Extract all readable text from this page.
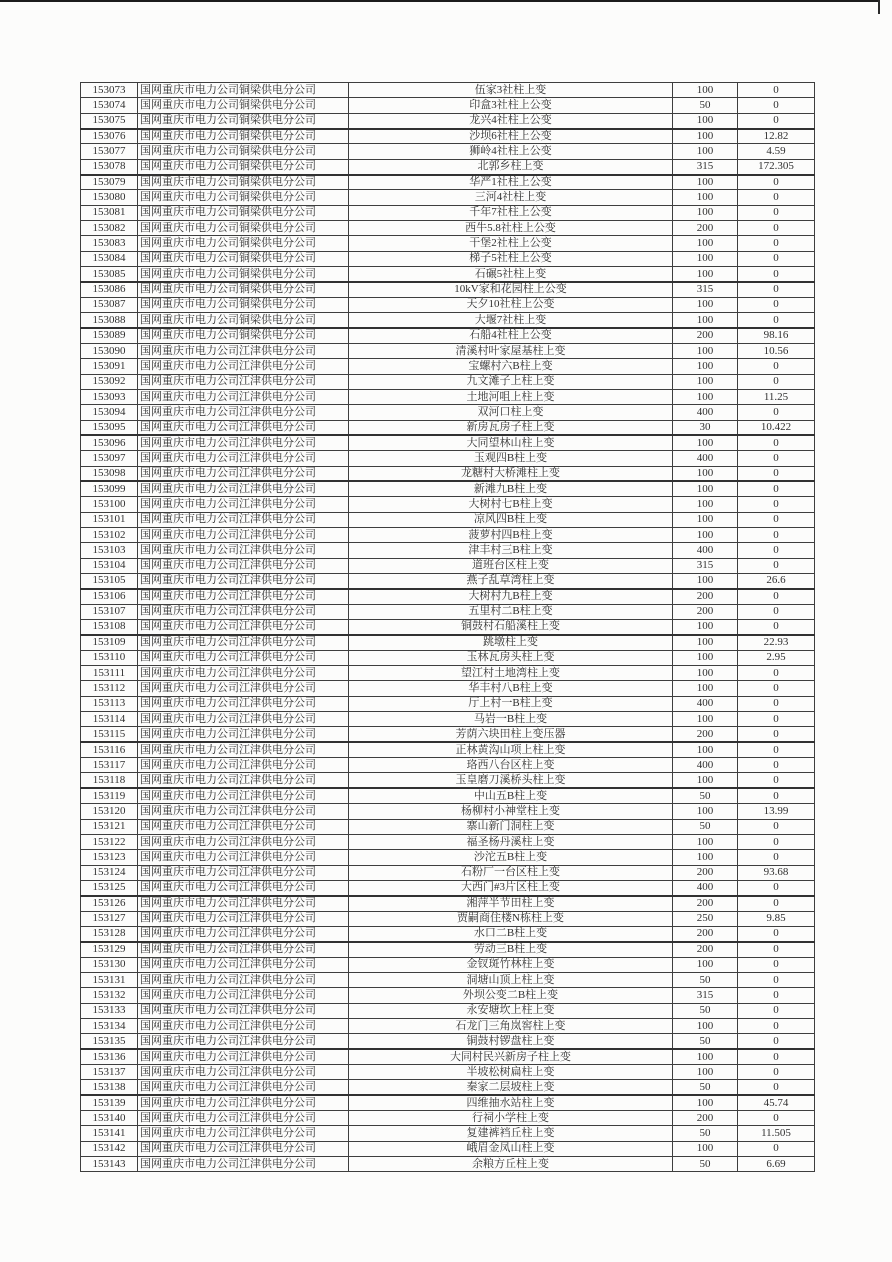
153073	国网重庆市电力公司铜梁供电分公司	伍家3社柱上变	100	0
153074	国网重庆市电力公司铜梁供电分公司	印盒3社柱上公变	50	0
153075	国网重庆市电力公司铜梁供电分公司	龙兴4社柱上公变	100	0
153076	国网重庆市电力公司铜梁供电分公司	沙坝6社柱上公变	100	12.82
153077	国网重庆市电力公司铜梁供电分公司	狮岭4社柱上公变	100	4.59
153078	国网重庆市电力公司铜梁供电分公司	北郭乡柱上变	315	172.305
153079	国网重庆市电力公司铜梁供电分公司	华严1社柱上公变	100	0
153080	国网重庆市电力公司铜梁供电分公司	三河4社柱上变	100	0
153081	国网重庆市电力公司铜梁供电分公司	千年7社柱上公变	100	0
153082	国网重庆市电力公司铜梁供电分公司	西牛5.8社柱上公变	200	0
153083	国网重庆市电力公司铜梁供电分公司	干堡2社柱上公变	100	0
153084	国网重庆市电力公司铜梁供电分公司	梯子5社柱上公变	100	0
153085	国网重庆市电力公司铜梁供电分公司	石碾5社柱上变	100	0
153086	国网重庆市电力公司铜梁供电分公司	10kV家和花园柱上公变	315	0
153087	国网重庆市电力公司铜梁供电分公司	天夕10社柱上公变	100	0
153088	国网重庆市电力公司铜梁供电分公司	大堰7社柱上变	100	0
153089	国网重庆市电力公司铜梁供电分公司	石船4社柱上公变	200	98.16
153090	国网重庆市电力公司江津供电分公司	清溪村叶家屋基柱上变	100	10.56
153091	国网重庆市电力公司江津供电分公司	宝螺村六B柱上变	100	0
153092	国网重庆市电力公司江津供电分公司	九文滩子上柱上变	100	0
153093	国网重庆市电力公司江津供电分公司	土地河咀上柱上变	100	11.25
153094	国网重庆市电力公司江津供电分公司	双河口柱上变	400	0
153095	国网重庆市电力公司江津供电分公司	新房瓦房子柱上变	30	10.422
153096	国网重庆市电力公司江津供电分公司	大同望林山柱上变	100	0
153097	国网重庆市电力公司江津供电分公司	玉观四B柱上变	400	0
153098	国网重庆市电力公司江津供电分公司	龙糖村大桥滩柱上变	100	0
153099	国网重庆市电力公司江津供电分公司	新滩九B柱上变	100	0
153100	国网重庆市电力公司江津供电分公司	大树村七B柱上变	100	0
153101	国网重庆市电力公司江津供电分公司	凉风四B柱上变	100	0
153102	国网重庆市电力公司江津供电分公司	菠萝村四B柱上变	100	0
153103	国网重庆市电力公司江津供电分公司	津丰村三B柱上变	400	0
153104	国网重庆市电力公司江津供电分公司	道班台区柱上变	315	0
153105	国网重庆市电力公司江津供电分公司	燕子乱草湾柱上变	100	26.6
153106	国网重庆市电力公司江津供电分公司	大树村九B柱上变	200	0
153107	国网重庆市电力公司江津供电分公司	五里村二B柱上变	200	0
153108	国网重庆市电力公司江津供电分公司	铜鼓村石船溪柱上变	100	0
153109	国网重庆市电力公司江津供电分公司	跳墩柱上变	100	22.93
153110	国网重庆市电力公司江津供电分公司	玉林瓦房头柱上变	100	2.95
153111	国网重庆市电力公司江津供电分公司	望江村土地湾柱上变	100	0
153112	国网重庆市电力公司江津供电分公司	华丰村八B柱上变	100	0
153113	国网重庆市电力公司江津供电分公司	厅上村一B柱上变	400	0
153114	国网重庆市电力公司江津供电分公司	马岩一B柱上变	100	0
153115	国网重庆市电力公司江津供电分公司	芳荫六块田柱上变压器	200	0
153116	国网重庆市电力公司江津供电分公司	正林黄沟山项上柱上变	100	0
153117	国网重庆市电力公司江津供电分公司	珞西八台区柱上变	400	0
153118	国网重庆市电力公司江津供电分公司	玉皇磨刀溪桥头柱上变	100	0
153119	国网重庆市电力公司江津供电分公司	中山五B柱上变	50	0
153120	国网重庆市电力公司江津供电分公司	杨柳村小神堂柱上变	100	13.99
153121	国网重庆市电力公司江津供电分公司	寨山新门洞柱上变	50	0
153122	国网重庆市电力公司江津供电分公司	福圣杨丹溪柱上变	100	0
153123	国网重庆市电力公司江津供电分公司	沙沱五B柱上变	100	0
153124	国网重庆市电力公司江津供电分公司	石粉厂一台区柱上变	200	93.68
153125	国网重庆市电力公司江津供电分公司	大西门#3片区柱上变	400	0
153126	国网重庆市电力公司江津供电分公司	湘萍半节田柱上变	200	0
153127	国网重庆市电力公司江津供电分公司	贾嗣商住楼N栋柱上变	250	9.85
153128	国网重庆市电力公司江津供电分公司	水口二B柱上变	200	0
153129	国网重庆市电力公司江津供电分公司	劳动三B柱上变	200	0
153130	国网重庆市电力公司江津供电分公司	金钗斑竹林柱上变	100	0
153131	国网重庆市电力公司江津供电分公司	洞塘山顶上柱上变	50	0
153132	国网重庆市电力公司江津供电分公司	外坝公变二B柱上变	315	0
153133	国网重庆市电力公司江津供电分公司	永安塘坎上柱上变	50	0
153134	国网重庆市电力公司江津供电分公司	石龙门三角岚窖柱上变	100	0
153135	国网重庆市电力公司江津供电分公司	铜鼓村锣盘柱上变	50	0
153136	国网重庆市电力公司江津供电分公司	大同村民兴新房子柱上变	100	0
153137	国网重庆市电力公司江津供电分公司	半坡松树扁柱上变	100	0
153138	国网重庆市电力公司江津供电分公司	秦家二层坡柱上变	50	0
153139	国网重庆市电力公司江津供电分公司	四维抽水站柱上变	100	45.74
153140	国网重庆市电力公司江津供电分公司	行祠小学柱上变	200	0
153141	国网重庆市电力公司江津供电分公司	复建裤裆丘柱上变	50	11.505
153142	国网重庆市电力公司江津供电分公司	峨眉金凤山柱上变	100	0
153143	国网重庆市电力公司江津供电分公司	余粮方丘柱上变	50	6.69
